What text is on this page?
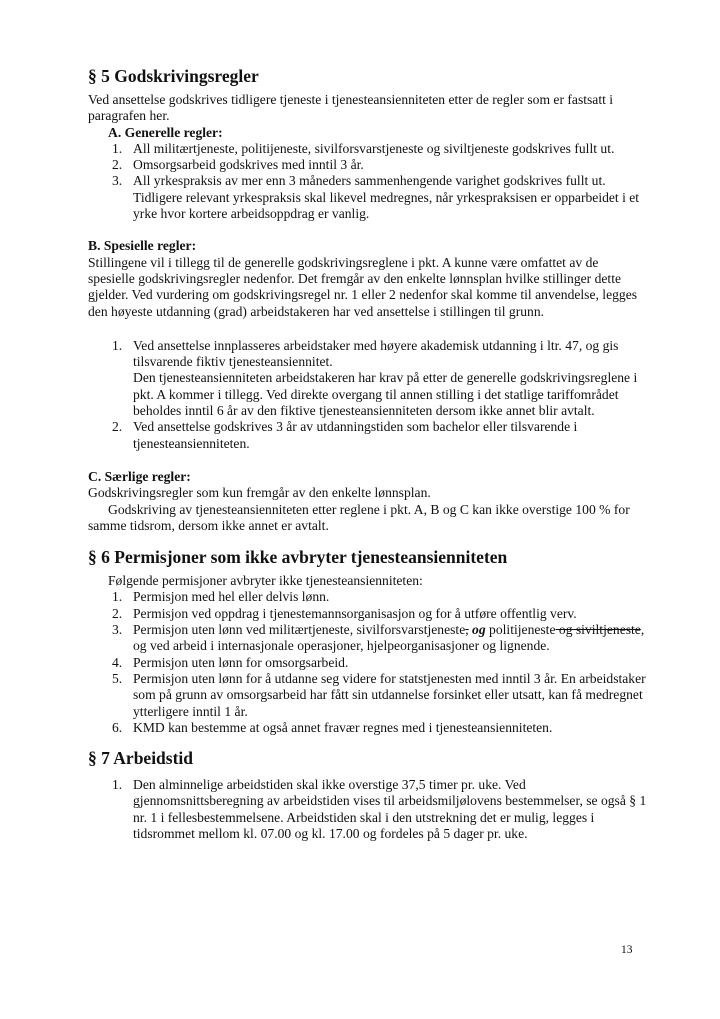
§ 5 Godskrivingsregler

Ved ansettelse godskrives tidligere tjeneste i tjenesteansienniteten etter de regler som er fastsatt i paragrafen her.

A. Generelle regler:

1. All militærtjeneste, politijeneste, sivilforsvarstjeneste og siviltjeneste godskrives fullt ut.
2. Omsorgsarbeid godskrives med inntil 3 år.
3. All yrkespraksis av mer enn 3 måneders sammenhengende varighet godskrives fullt ut. Tidligere relevant yrkespraksis skal likevel medregnes, når yrkespraksisen er opparbeidet i et yrke hvor kortere arbeidsoppdrag er vanlig.

B. Spesielle regler:

Stillingene vil i tillegg til de generelle godskrivingsreglene i pkt. A kunne være omfattet av de spesielle godskrivingsregler nedenfor. Det fremgår av den enkelte lønnsplan hvilke stillinger dette gjelder. Ved vurdering om godskrivingsregel nr. 1 eller 2 nedenfor skal komme til anvendelse, legges den høyeste utdanning (grad) arbeidstakeren har ved ansettelse i stillingen til grunn.

1. Ved ansettelse innplasseres arbeidstaker med høyere akademisk utdanning i ltr. 47, og gis tilsvarende fiktiv tjenesteansiennitet.
Den tjenesteansienniteten arbeidstakeren har krav på etter de generelle godskrivingsreglene i pkt. A kommer i tillegg. Ved direkte overgang til annen stilling i det statlige tariffområdet beholdes inntil 6 år av den fiktive tjenesteansienniteten dersom ikke annet blir avtalt.
2. Ved ansettelse godskrives 3 år av utdanningstiden som bachelor eller tilsvarende i tjenesteansienniteten.

C. Særlige regler:

Godskrivingsregler som kun fremgår av den enkelte lønnsplan.

Godskriving av tjenesteansienniteten etter reglene i pkt. A, B og C kan ikke overstige 100 % for samme tidsrom, dersom ikke annet er avtalt.

§ 6 Permisjoner som ikke avbryter tjenesteansienniteten

Følgende permisjoner avbryter ikke tjenesteansienniteten:

1. Permisjon med hel eller delvis lønn.
2. Permisjon ved oppdrag i tjenestemannsorganisasjon og for å utføre offentlig verv.
3. Permisjon uten lønn ved militærtjeneste, sivilforsvarstjeneste, og politijeneste og siviltjeneste, og ved arbeid i internasjonale operasjoner, hjelpeorganisasjoner og lignende.
4. Permisjon uten lønn for omsorgsarbeid.
5. Permisjon uten lønn for å utdanne seg videre for statstjenesten med inntil 3 år. En arbeidstaker som på grunn av omsorgsarbeid har fått sin utdannelse forsinket eller utsatt, kan få medregnet ytterligere inntil 1 år.
6. KMD kan bestemme at også annet fravær regnes med i tjenesteansienniteten.
§ 7 Arbeidstid
1. Den alminnelige arbeidstiden skal ikke overstige 37,5 timer pr. uke. Ved gjennomsnittsberegning av arbeidstiden vises til arbeidsmiljølovens bestemmelser, se også § 1 nr. 1 i fellesbestemmelsene. Arbeidstiden skal i den utstrekning det er mulig, legges i tidsrommet mellom kl. 07.00 og kl. 17.00 og fordeles på 5 dager pr. uke.
13
